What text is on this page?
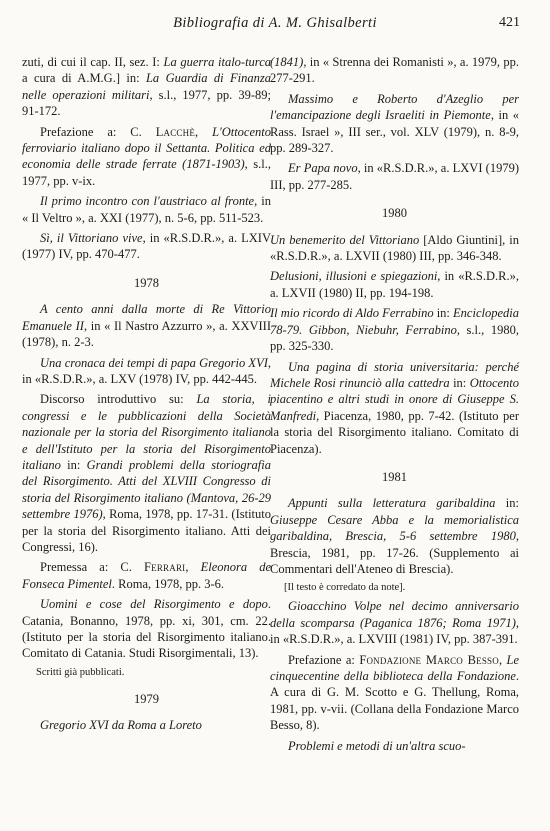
Bibliografia di A. M. Ghisalberti	421

zuti, di cui il cap. II, sez. I: La guerra italo-turca a cura di A.M.G.] in: La Guardia di Finanza nelle operazioni militari, s.l., 1977, pp. 39-89; 91-172.

Prefazione a: C. Lacchè, L'Ottocento ferroviario italiano dopo il Settanta. Politica ed economia delle strade ferrate (1871-1903), s.l., 1977, pp. v-ix.

Il primo incontro con l'austriaco al fronte, in « Il Veltro », a. XXI (1977), n. 5-6, pp. 511-523.

Sì, il Vittoriano vive, in «R.S.D.R.», a. LXIV (1977) IV, pp. 470-477.

1978

A cento anni dalla morte di Re Vittorio Emanuele II, in « Il Nastro Azzurro », a. XXVIII (1978), n. 2-3.

Una cronaca dei tempi di papa Gregorio XVI, in «R.S.D.R.», a. LXV (1978) IV, pp. 442-445.

Discorso introduttivo su: La storia, i congressi e le pubblicazioni della Società nazionale per la storia del Risorgimento italiano e dell'Istituto per la storia del Risorgimento italiano in: Grandi problemi della storiografia del Risorgimento. Atti del XLVIII Congresso di storia del Risorgimento italiano (Mantova, 26-29 settembre 1976), Roma, 1978, pp. 17-31. (Istituto per la storia del Risorgimento italiano. Atti dei Congressi, 16).

Premessa a: C. Ferrari, Eleonora de Fonseca Pimentel. Roma, 1978, pp. 3-6.

Uomini e cose del Risorgimento e dopo. Catania, Bonanno, 1978, pp. xi, 301, cm. 22. (Istituto per la storia del Risorgimento italiano. Comitato di Catania. Studi Risorgimentali, 13).

Scritti già pubblicati.
1979

Gregorio XVI da Roma a Loreto

(1841), in « Strenna dei Romanisti », a. 1979, pp. 277-291.

Massimo e Roberto d'Azeglio per l'emancipazione degli Israeliti in Piemonte, in « Rass. Israel », III ser., vol. XLV (1979), n. 8-9, pp. 289-327.

Er Papa novo, in «R.S.D.R.», a. LXVI (1979) III, pp. 277-285.

1980

Un benemerito del Vittoriano [Aldo Giuntini], in «R.S.D.R.», a. LXVII (1980) III, pp. 346-348.

Delusioni, illusioni e spiegazioni, in «R.S.D.R.», a. LXVII (1980) II, pp. 194-198.

Il mio ricordo di Aldo Ferrabino in: Enciclopedia 78-79. Gibbon, Niebuhr, Ferrabino, s.l., 1980, pp. 325-330.

Una pagina di storia universitaria: perché Michele Rosi rinunciò alla cattedra in: Ottocento piacentino e altri studi in onore di Giuseppe S. Manfredi, Piacenza, 1980, pp. 7-42. (Istituto per la storia del Risorgimento italiano. Comitato di Piacenza).

1981

Appunti sulla letteratura garibaldina in: Giuseppe Cesare Abba e la memorialistica garibaldina, Brescia, 5-6 settembre 1980, Brescia, 1981, pp. 17-26. (Supplemento ai Commentari dell'Ateneo di Brescia).

[Il testo è corredato da note].

Gioacchino Volpe nel decimo anniversario della scomparsa (Paganica 1876; Roma 1971), in «R.S.D.R.», a. LXVIII (1981) IV, pp. 387-391.

Prefazione a: Fondazione Marco Besso, Le cinquecentine della biblioteca della Fondazione. A cura di G. M. Scotto e G. Thellung, Roma, 1981, pp. v-vii. (Collana della Fondazione Marco Besso, 8).

Problemi e metodi di un'altra scuo-
